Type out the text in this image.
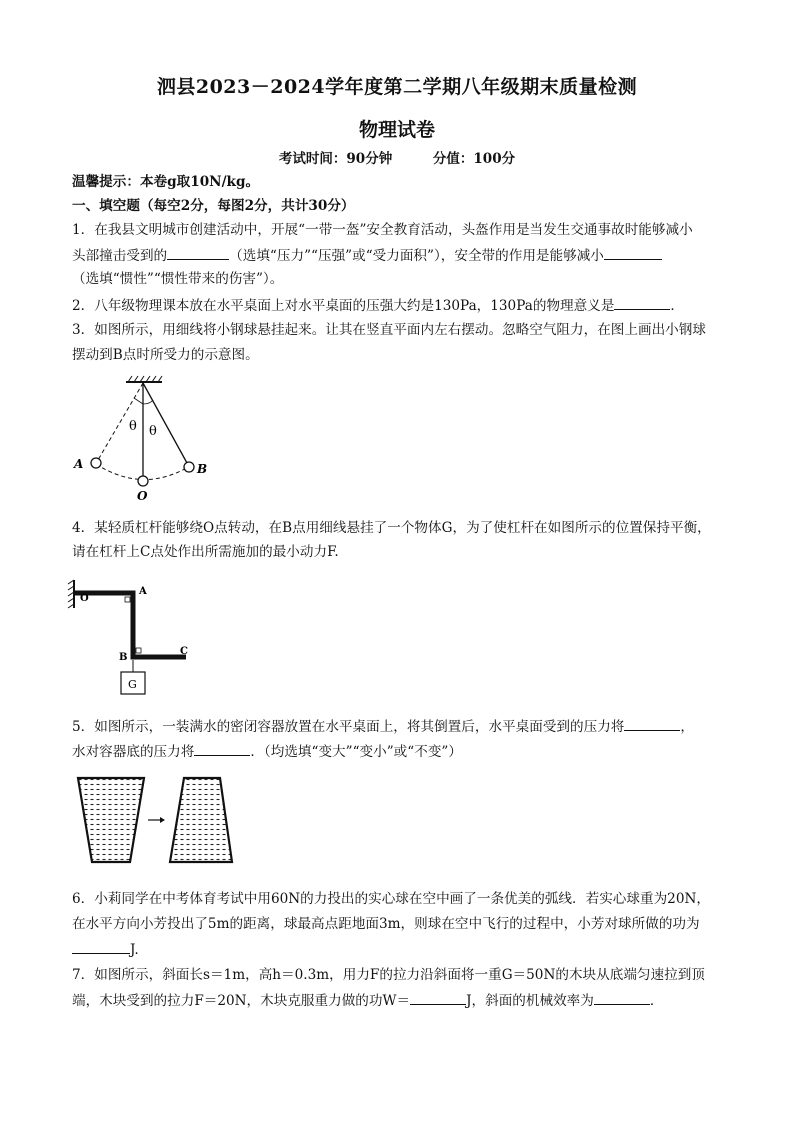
泗县2023－2024学年度第二学期八年级期末质量检测
物理试卷
考试时间：90分钟	分值：100分
温馨提示：本卷g取10N/kg。
一、填空题（每空2分，每图2分，共计30分）
1．在我县文明城市创建活动中，开展“一带一盔”安全教育活动，头盔作用是当发生交通事故时能够减小
头部撞击受到的	（选填“压力”“压强”或“受力面积”），安全带的作用是能够减小
（选填“惯性”“惯性带来的伤害”）。
2．八年级物理课本放在水平桌面上对水平桌面的压强大约是130Pa，130Pa的物理意义是	．
3．如图所示，用细线将小钢球悬挂起来。让其在竖直平面内左右摆动。忽略空气阻力，在图上画出小钢球
摆动到B点时所受力的示意图。
θ θ
A	B
O
4．某轻质杠杆能够绕O点转动，在B点用细线悬挂了一个物体G，为了使杠杆在如图所示的位置保持平衡，
请在杠杆上C点处作出所需施加的最小动力F.
G
O
A
B
C
5．如图所示，一装满水的密闭容器放置在水平桌面上，将其倒置后，水平桌面受到的压力将	，
水对容器底的压力将	．（均选填“变大”“变小”或“不变”）
6．小莉同学在中考体育考试中用60N的力投出的实心球在空中画了一条优美的弧线．若实心球重为20N，
在水平方向小芳投出了5m的距离，球最高点距地面3m，则球在空中飞行的过程中，小芳对球所做的功为
J.
7．如图所示，斜面长s＝1m，高h＝0.3m，用力F的拉力沿斜面将一重G＝50N的木块从底端匀速拉到顶
端，木块受到的拉力F＝20N，木块克服重力做的功W＝	J，斜面的机械效率为	．
